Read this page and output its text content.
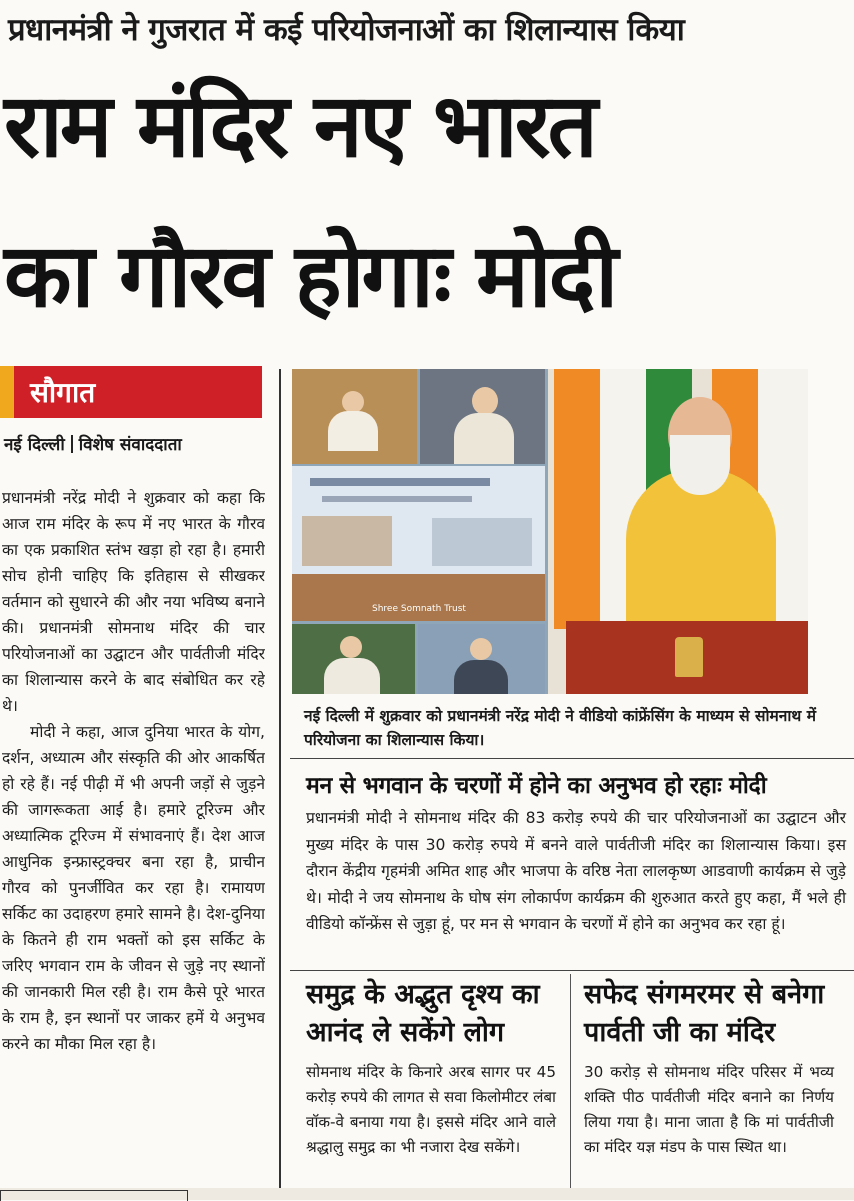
प्रधानमंत्री ने गुजरात में कई परियोजनाओं का शिलान्यास किया
राम मंदिर नए भारत
का गौरव होगाः मोदी
सौगात
नई दिल्ली विशेष संवाददाता

प्रधानमंत्री नरेंद्र मोदी ने शुक्रवार को कहा कि आज राम मंदिर के रूप में नए भारत के गौरव का एक प्रकाशित स्तंभ खड़ा हो रहा है। हमारी सोच होनी चाहिए कि इतिहास से सीखकर वर्तमान को सुधारने की और नया भविष्य बनाने की। प्रधानमंत्री सोमनाथ मंदिर की चार परियोजनाओं का उद्घाटन और पार्वतीजी मंदिर का शिलान्यास करने के बाद संबोधित कर रहे थे।

मोदी ने कहा, आज दुनिया भारत के योग, दर्शन, अध्यात्म और संस्कृति की ओर आकर्षित हो रहे हैं। नई पीढ़ी में भी अपनी जड़ों से जुड़ने की जागरूकता आई है। हमारे टूरिज्म और अध्यात्मिक टूरिज्म में संभावनाएं हैं। देश आज आधुनिक इन्फ्रास्ट्रक्चर बना रहा है, प्राचीन गौरव को पुनर्जीवित कर रहा है। रामायण सर्किट का उदाहरण हमारे सामने है। देश-दुनिया के कितने ही राम भक्तों को इस सर्किट के जरिए भगवान राम के जीवन से जुड़े नए स्थानों की जानकारी मिल रही है। राम कैसे पूरे भारत के राम है, इन स्थानों पर जाकर हमें ये अनुभव करने का मौका मिल रहा है।

Shree Somnath Trust
नई दिल्ली में शुक्रवार को प्रधानमंत्री नरेंद्र मोदी ने वीडियो कांफ्रेंसिंग के माध्यम से सोमनाथ में परियोजना का शिलान्यास किया।
मन से भगवान के चरणों में होने का अनुभव हो रहाः मोदी
प्रधानमंत्री मोदी ने सोमनाथ मंदिर की 83 करोड़ रुपये की चार परियोजनाओं का उद्घाटन और मुख्य मंदिर के पास 30 करोड़ रुपये में बनने वाले पार्वतीजी मंदिर का शिलान्यास किया। इस दौरान केंद्रीय गृहमंत्री अमित शाह और भाजपा के वरिष्ठ नेता लालकृष्ण आडवाणी कार्यक्रम से जुड़े थे। मोदी ने जय सोमनाथ के घोष संग लोकार्पण कार्यक्रम की शुरुआत करते हुए कहा, मैं भले ही वीडियो कॉन्फ्रेंस से जुड़ा हूं, पर मन से भगवान के चरणों में होने का अनुभव कर रहा हूं।
समुद्र के अद्भुत दृश्य का आनंद ले सकेंगे लोग
सोमनाथ मंदिर के किनारे अरब सागर पर 45 करोड़ रुपये की लागत से सवा किलोमीटर लंबा वॉक-वे बनाया गया है। इससे मंदिर आने वाले श्रद्धालु समुद्र का भी नजारा देख सकेंगे।
सफेद संगमरमर से बनेगा पार्वती जी का मंदिर
30 करोड़ से सोमनाथ मंदिर परिसर में भव्य शक्ति पीठ पार्वतीजी मंदिर बनाने का निर्णय लिया गया है। माना जाता है कि मां पार्वतीजी का मंदिर यज्ञ मंडप के पास स्थित था।
